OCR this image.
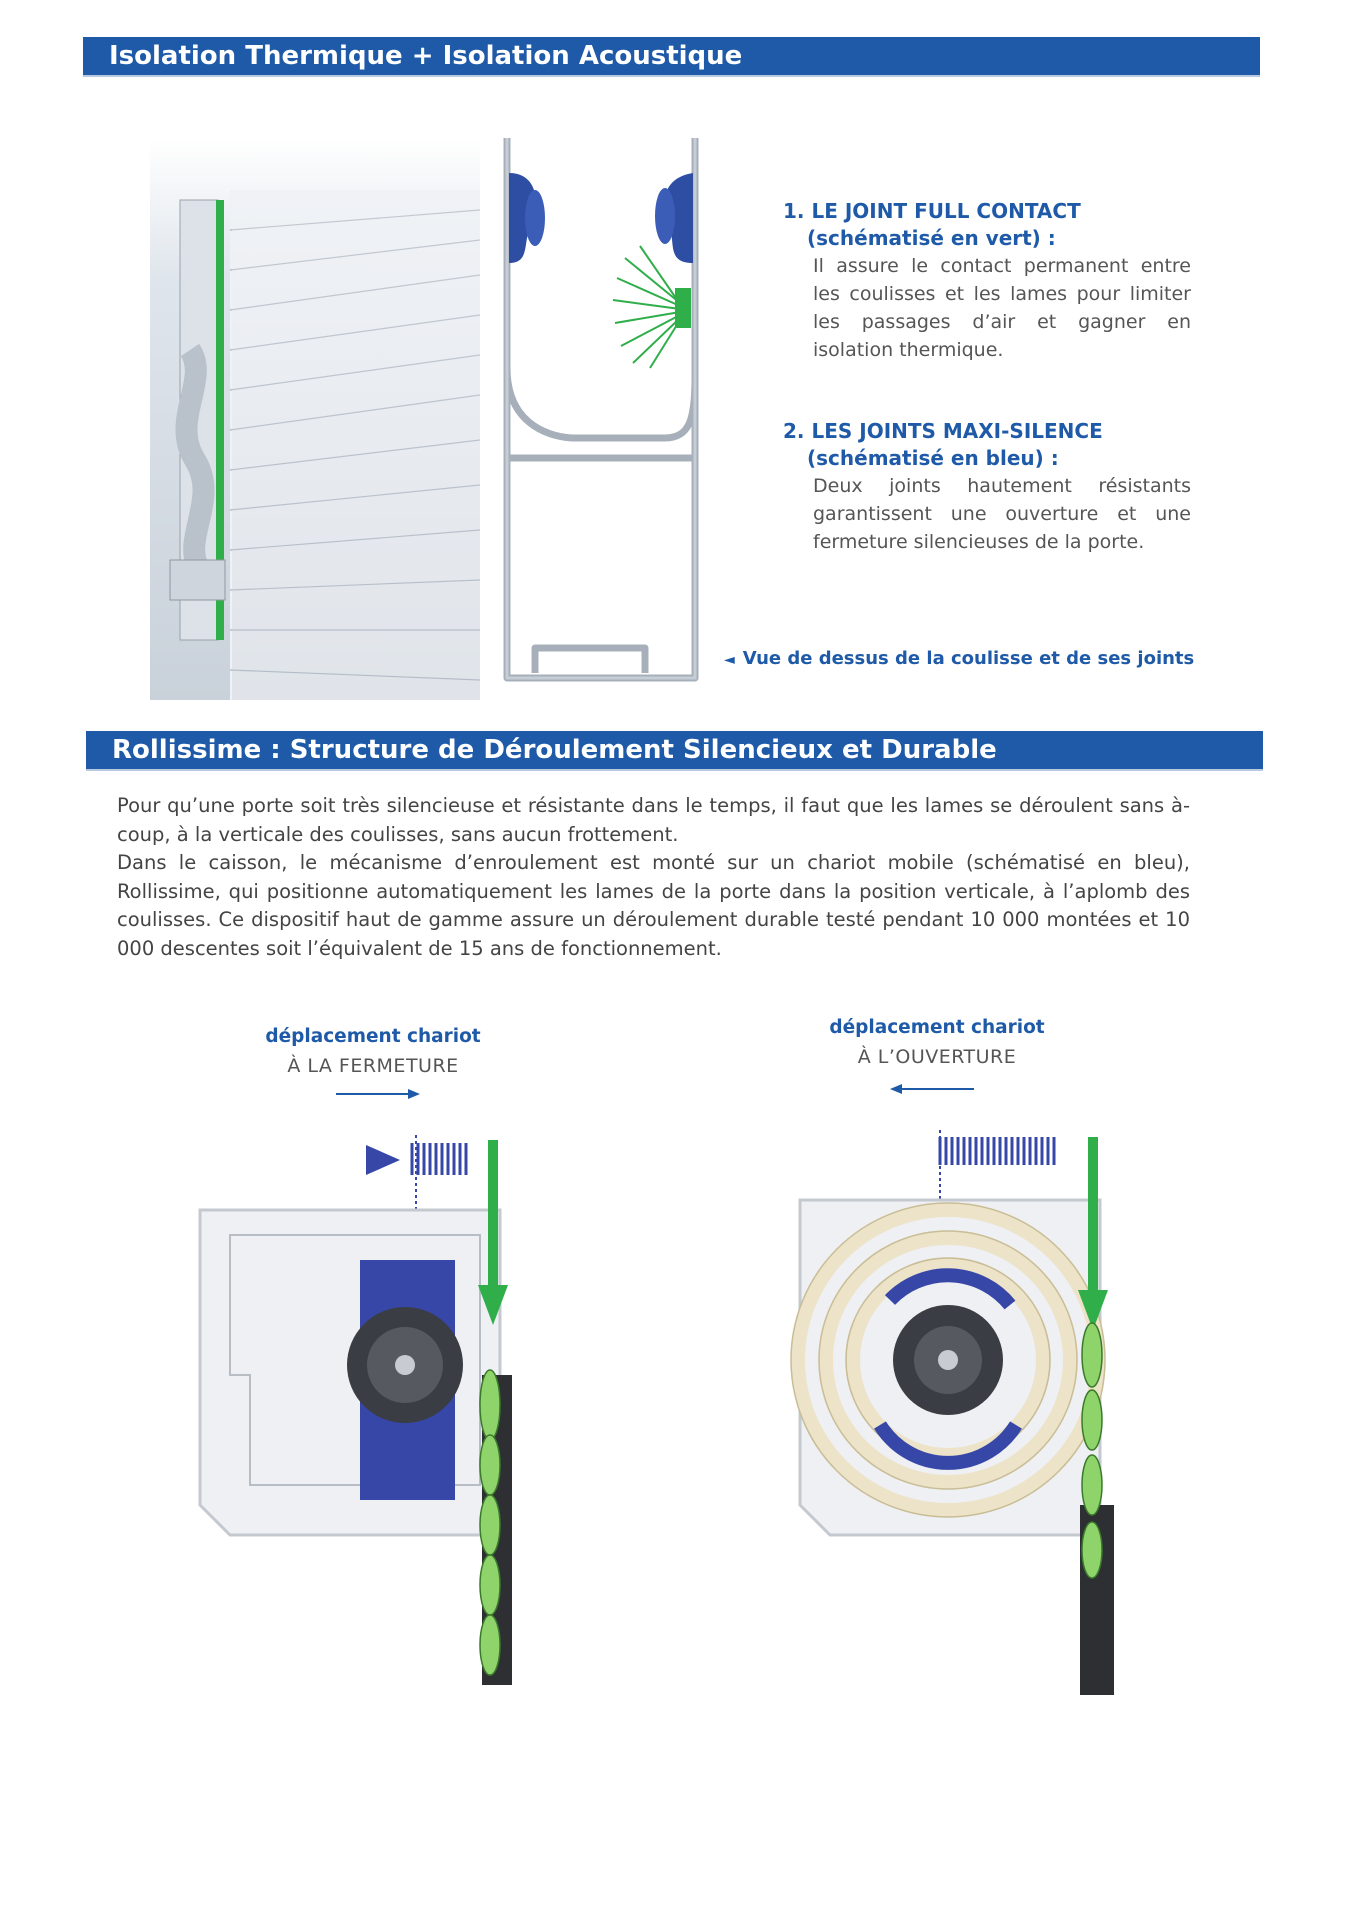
Isolation Thermique + Isolation Acoustique
1. LE JOINT FULL CONTACT
(schématisé en vert) :
Il assure le contact permanent entre les coulisses et les lames pour limiter les passages d’air et gagner en isolation thermique.
2. LES JOINTS MAXI-SILENCE
(schématisé en bleu) :
Deux joints hautement résistants garantissent une ouverture et une fermeture silencieuses de la porte.
◄ Vue de dessus de la coulisse et de ses joints
Rollissime : Structure de Déroulement Silencieux et Durable

Pour qu’une porte soit très silencieuse et résistante dans le temps, il faut que les lames se déroulent sans à-coup, à la verticale des coulisses, sans aucun frottement.

Dans le caisson, le mécanisme d’enroulement est monté sur un chariot mobile (schématisé en bleu), Rollissime, qui positionne automatiquement les lames de la porte dans la position verticale, à l’aplomb des coulisses. Ce dispositif haut de gamme assure un déroulement durable testé pendant 10 000 montées et 10 000 descentes soit l’équivalent de 15 ans de fonctionnement.

déplacement chariot
À LA FERMETURE
déplacement chariot
À L’OUVERTURE
